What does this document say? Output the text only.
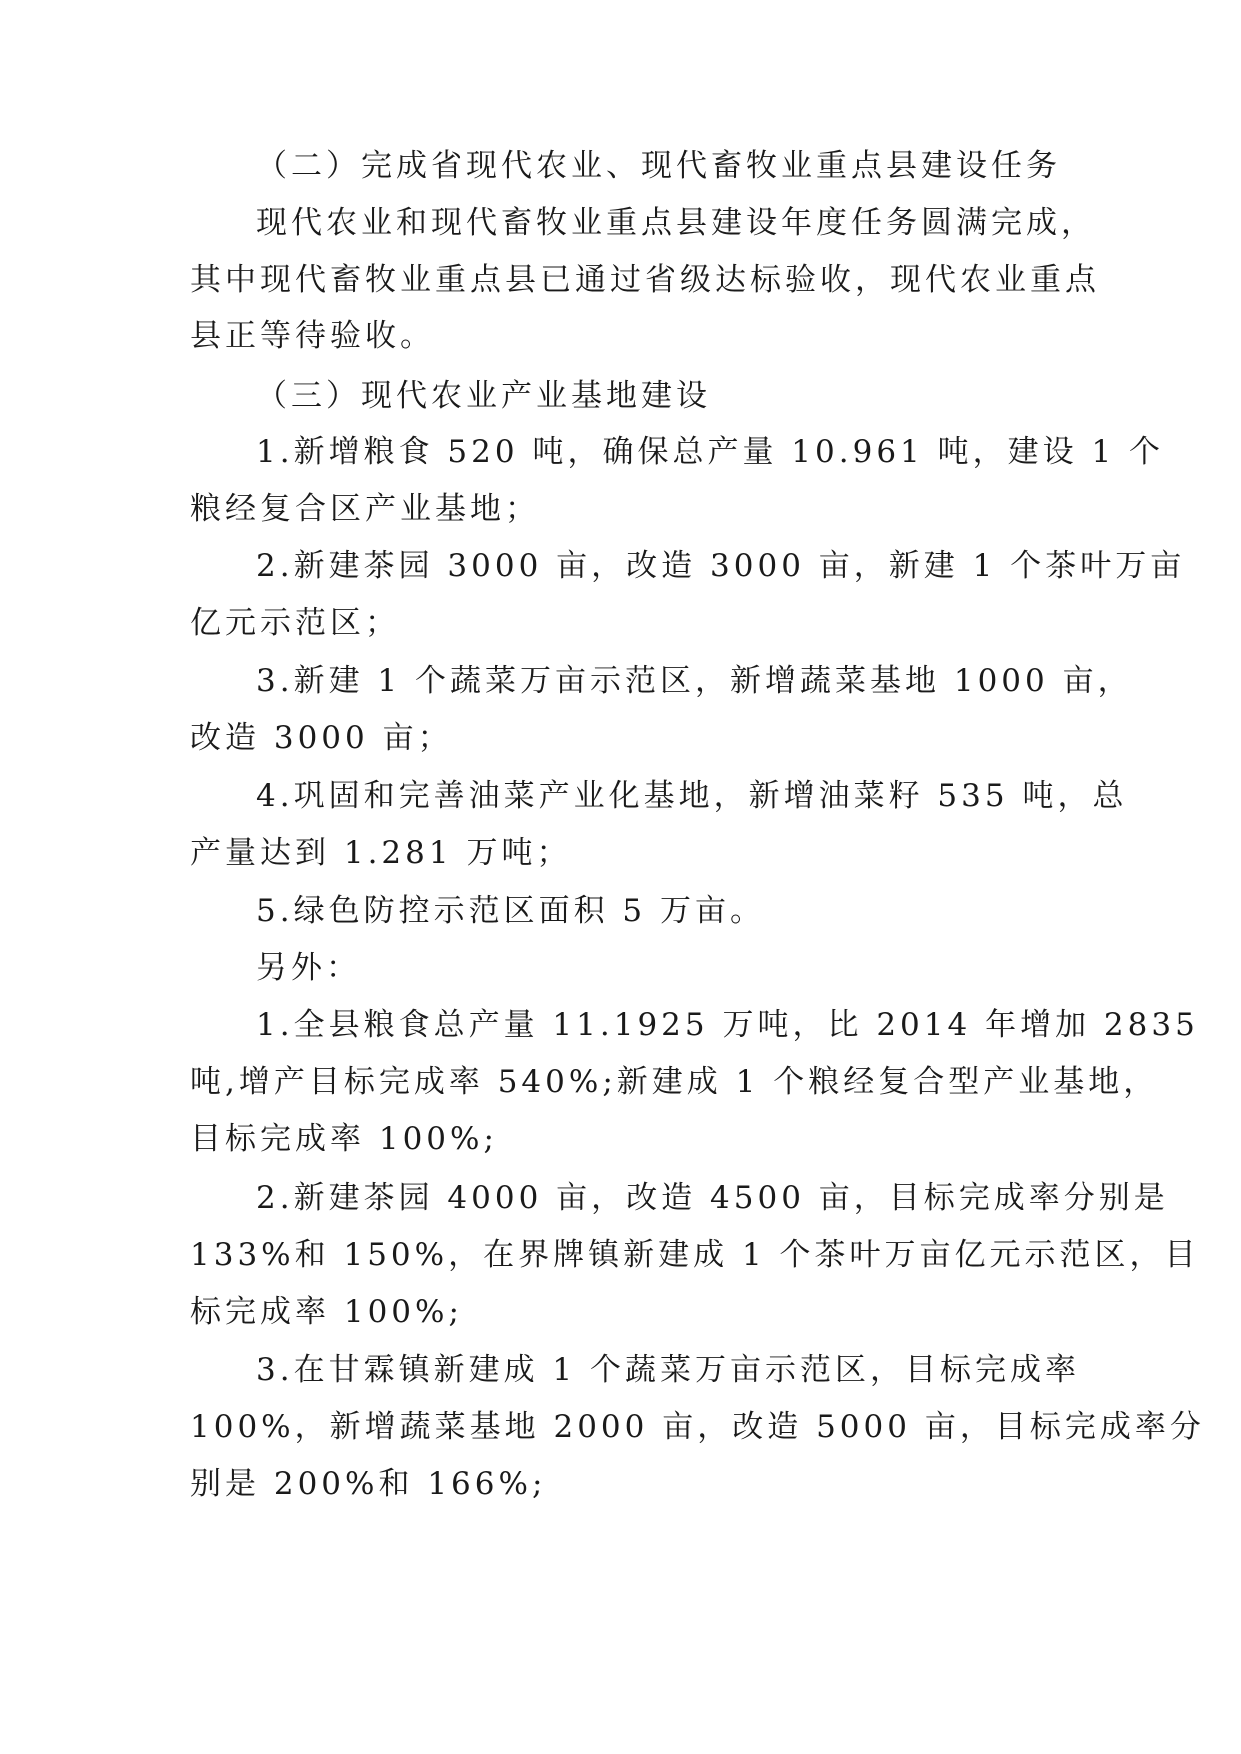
（二）完成省现代农业、现代畜牧业重点县建设任务
现代农业和现代畜牧业重点县建设年度任务圆满完成，
其中现代畜牧业重点县已通过省级达标验收，现代农业重点
县正等待验收。
（三）现代农业产业基地建设
1.新增粮食 520 吨，确保总产量 10.961 吨，建设 1 个
粮经复合区产业基地；
2.新建茶园 3000 亩，改造 3000 亩，新建 1 个茶叶万亩
亿元示范区；
3.新建 1 个蔬菜万亩示范区，新增蔬菜基地 1000 亩，
改造 3000 亩；
4.巩固和完善油菜产业化基地，新增油菜籽 535 吨，总
产量达到 1.281 万吨；
5.绿色防控示范区面积 5 万亩。
另外：
1.全县粮食总产量 11.1925 万吨，比 2014 年增加 2835
吨,增产目标完成率 540%;新建成 1 个粮经复合型产业基地，
目标完成率 100%;
2.新建茶园 4000 亩，改造 4500 亩，目标完成率分别是
133%和 150%，在界牌镇新建成 1 个茶叶万亩亿元示范区，目
标完成率 100%;
3.在甘霖镇新建成 1 个蔬菜万亩示范区，目标完成率
100%，新增蔬菜基地 2000 亩，改造 5000 亩，目标完成率分
别是 200%和 166%;
